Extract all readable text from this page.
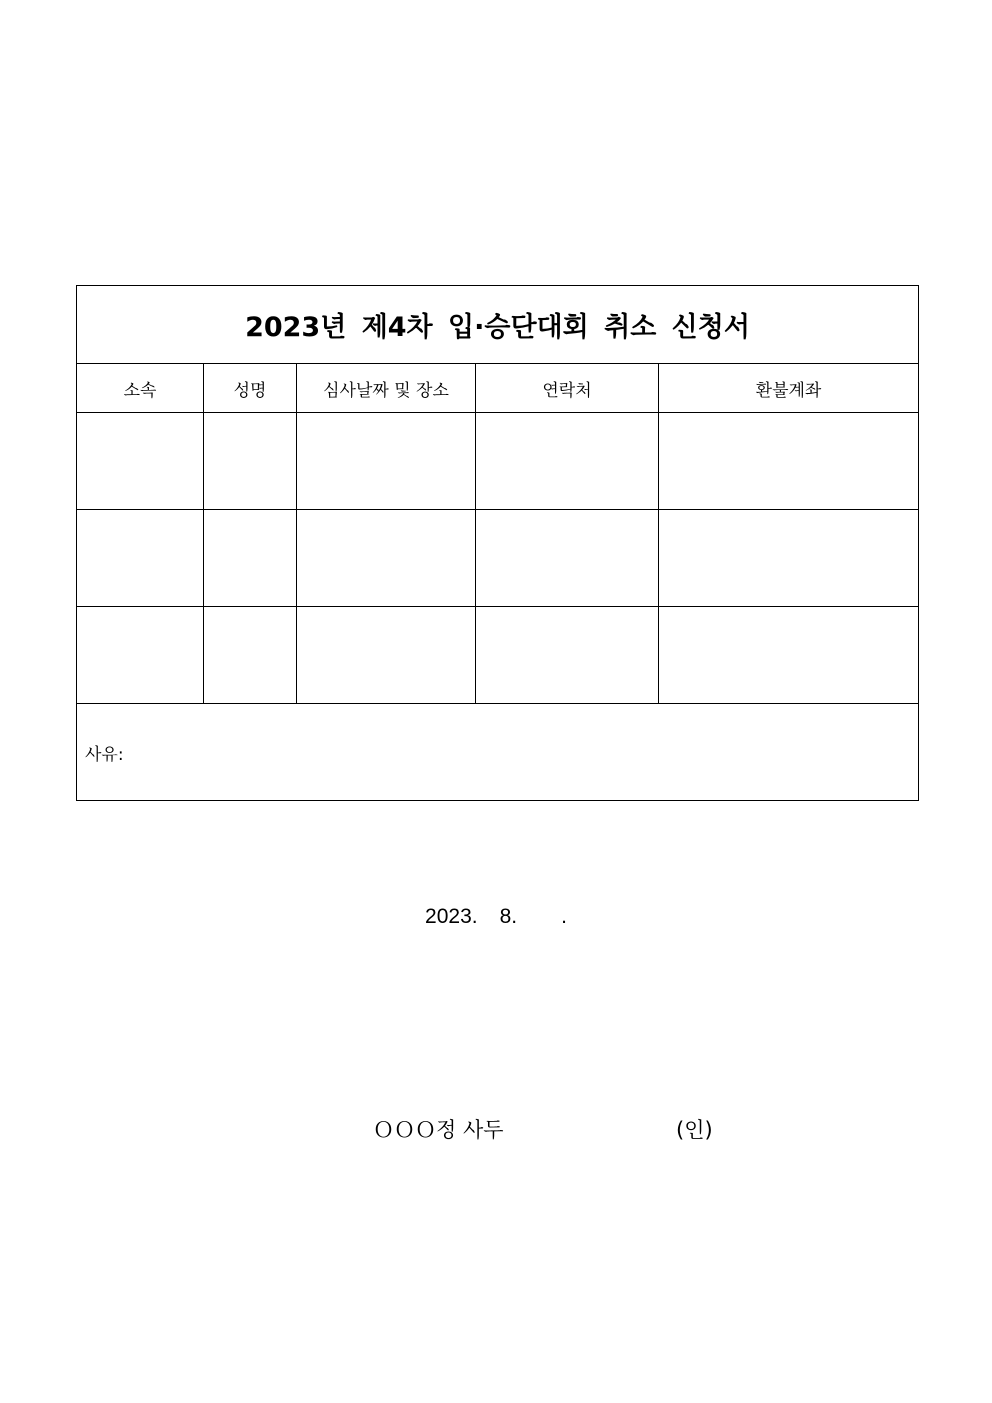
2023년 제4차 입·승단대회 취소 신청서				
소속	성명	심사날짜 및 장소	연락처	환불계좌

사유:				
2023. 8. .
ＯＯＯ정 사두	(인)
